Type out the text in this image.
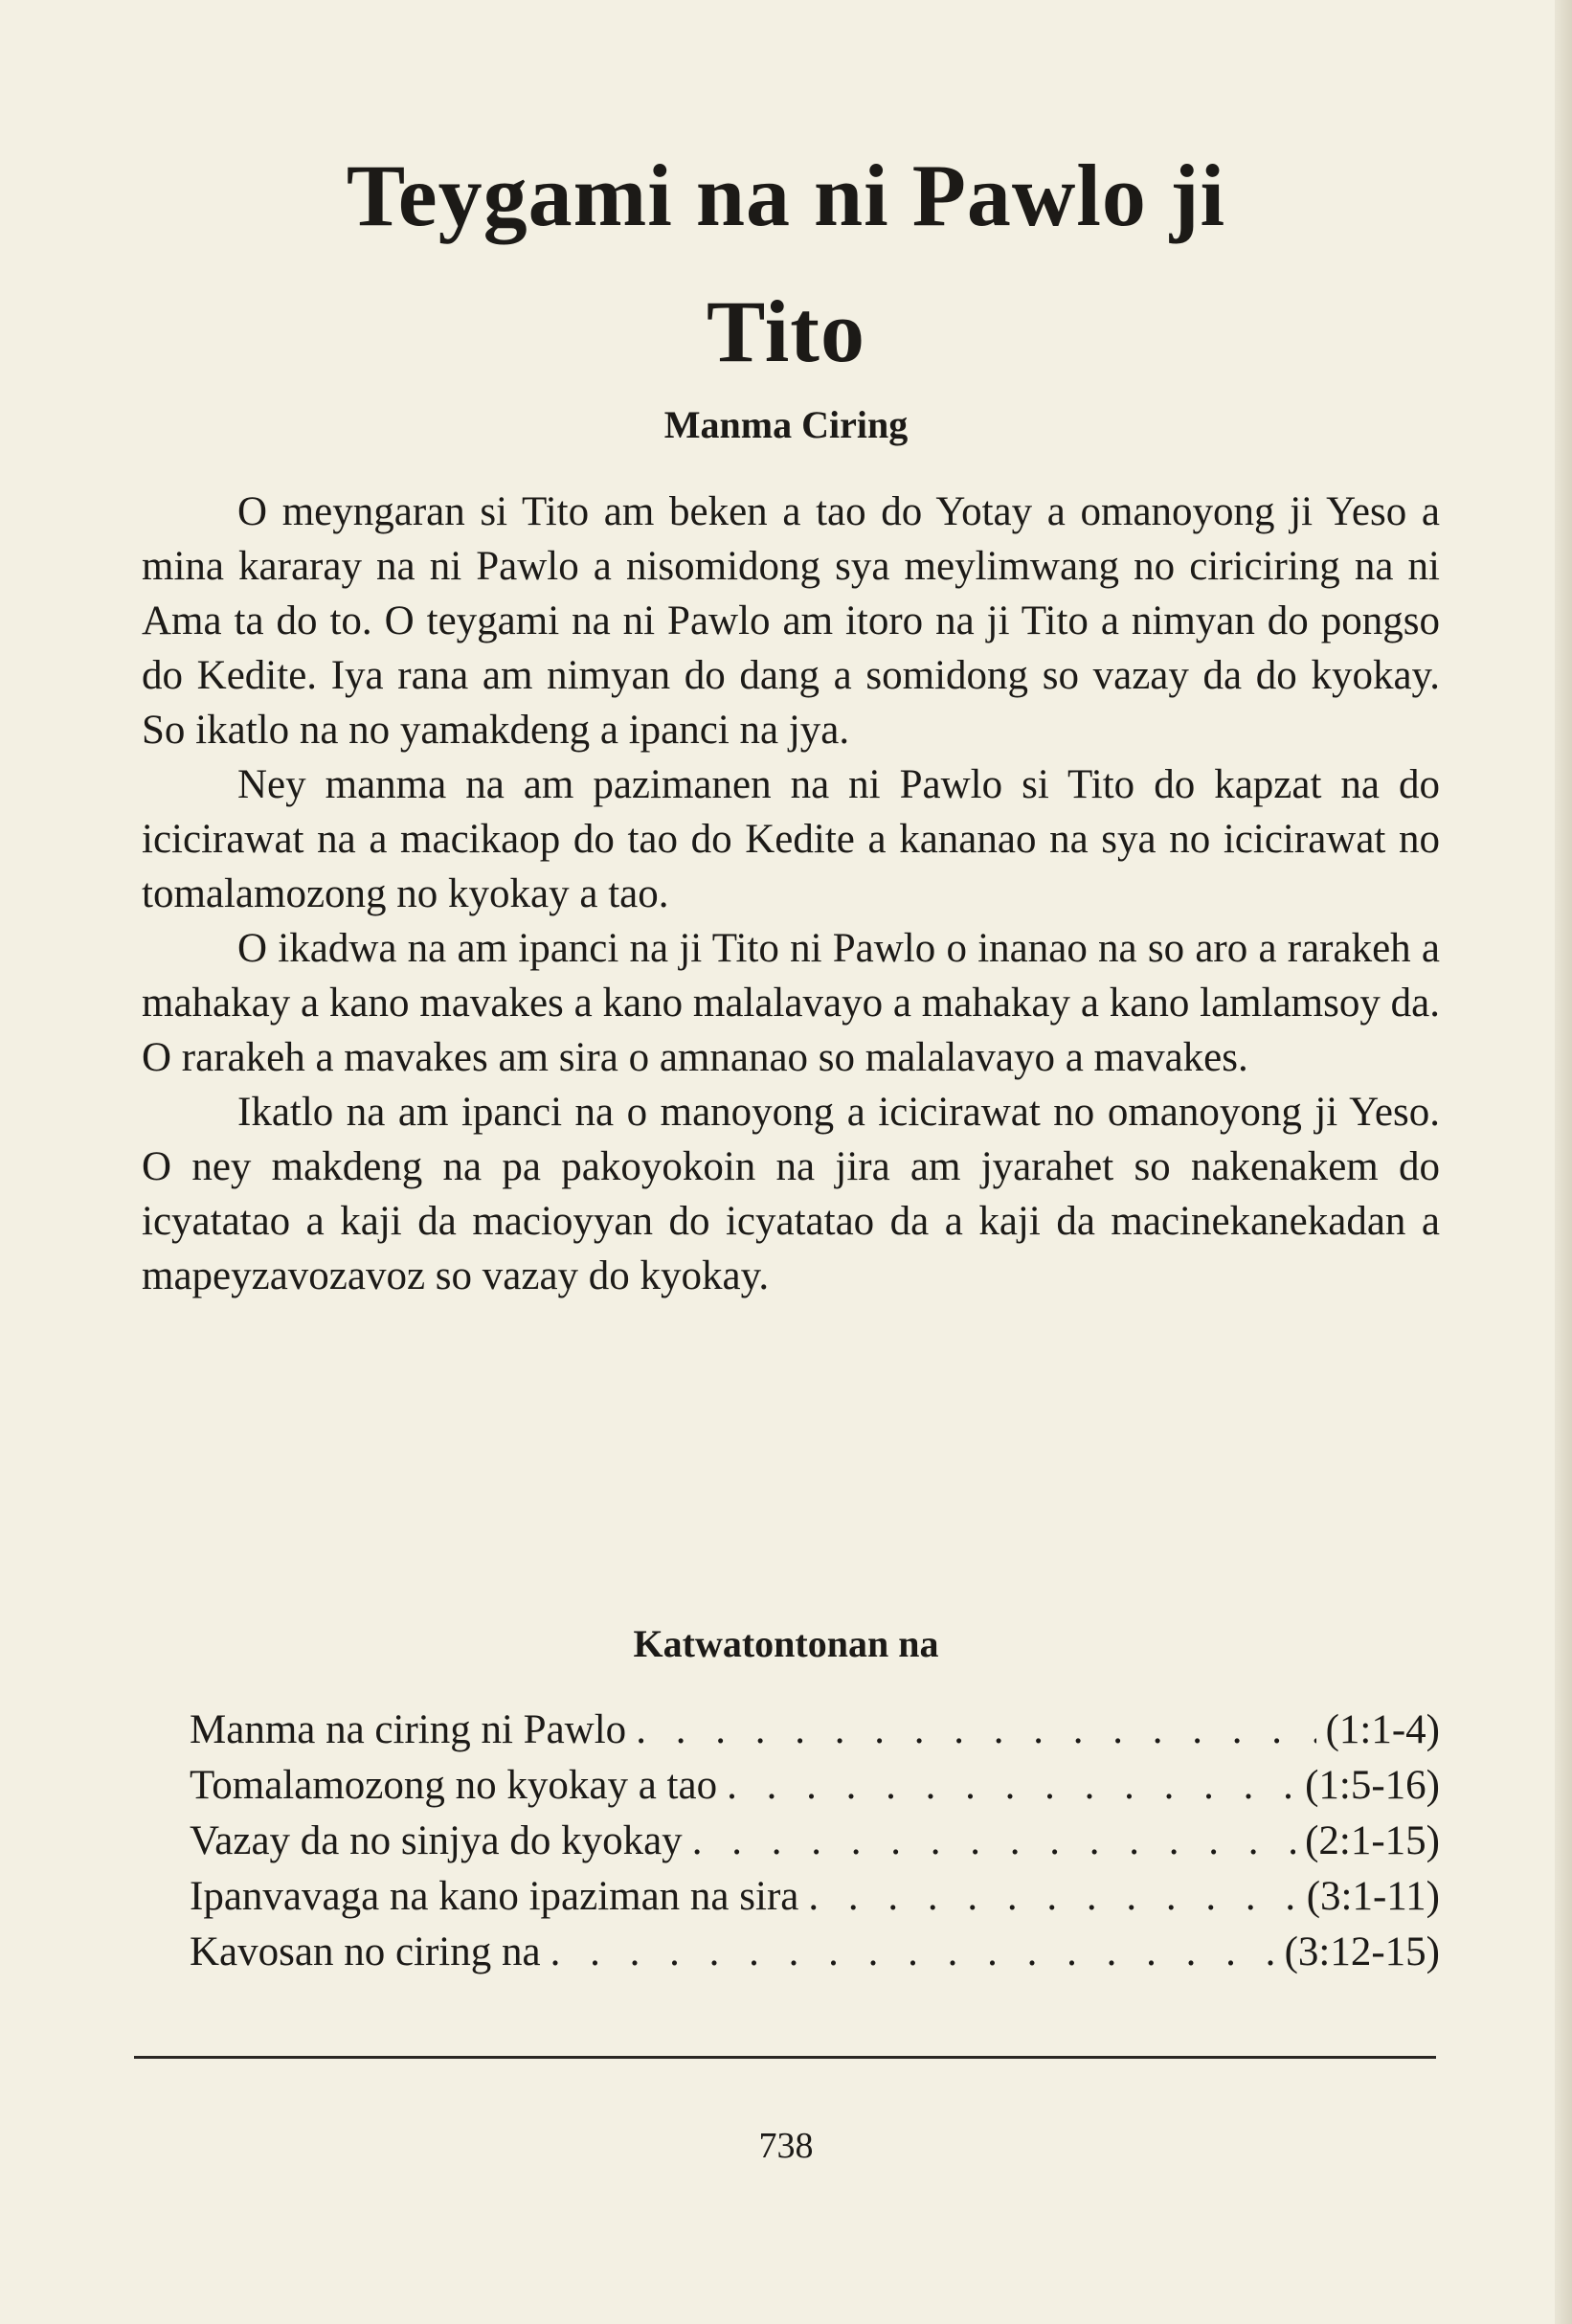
Teygami na ni Pawlo ji
Tito
Manma Ciring

O meyngaran si Tito am beken a tao do Yotay a omanoyong ji Yeso a mina kararay na ni Pawlo a nisomidong sya meylimwang no ciriciring na ni Ama ta do to. O teygami na ni Pawlo am itoro na ji Tito a nimyan do pongso do Kedite. Iya rana am nimyan do dang a somidong so vazay da do kyokay. So ikatlo na no yamakdeng a ipanci na jya.

Ney manma na am pazimanen na ni Pawlo si Tito do kapzat na do icicirawat na a macikaop do tao do Kedite a kananao na sya no icicirawat no tomalamozong no kyokay a tao.

O ikadwa na am ipanci na ji Tito ni Pawlo o inanao na so aro a rarakeh a mahakay a kano mavakes a kano malalavayo a mahakay a kano lamlamsoy da. O rarakeh a mavakes am sira o amnanao so malalavayo a mavakes.

Ikatlo na am ipanci na o manoyong a icicirawat no omanoyong ji Yeso. O ney makdeng na pa pakoyokoin na jira am jyarahet so nakenakem do icyatatao a kaji da macioyyan do icyatatao da a kaji da macinekanekadan a mapeyzavozavoz so vazay do kyokay.

Katwatontonan na
Manma na ciring ni Pawlo . . .	(1:1-4)
Tomalamozong no kyokay a tao . . .	(1:5-16)
Vazay da no sinjya do kyokay . . .	(2:1-15)
Ipanvavaga na kano ipaziman na sira . . .	(3:1-11)
Kavosan no ciring na . . .	(3:12-15)
738
